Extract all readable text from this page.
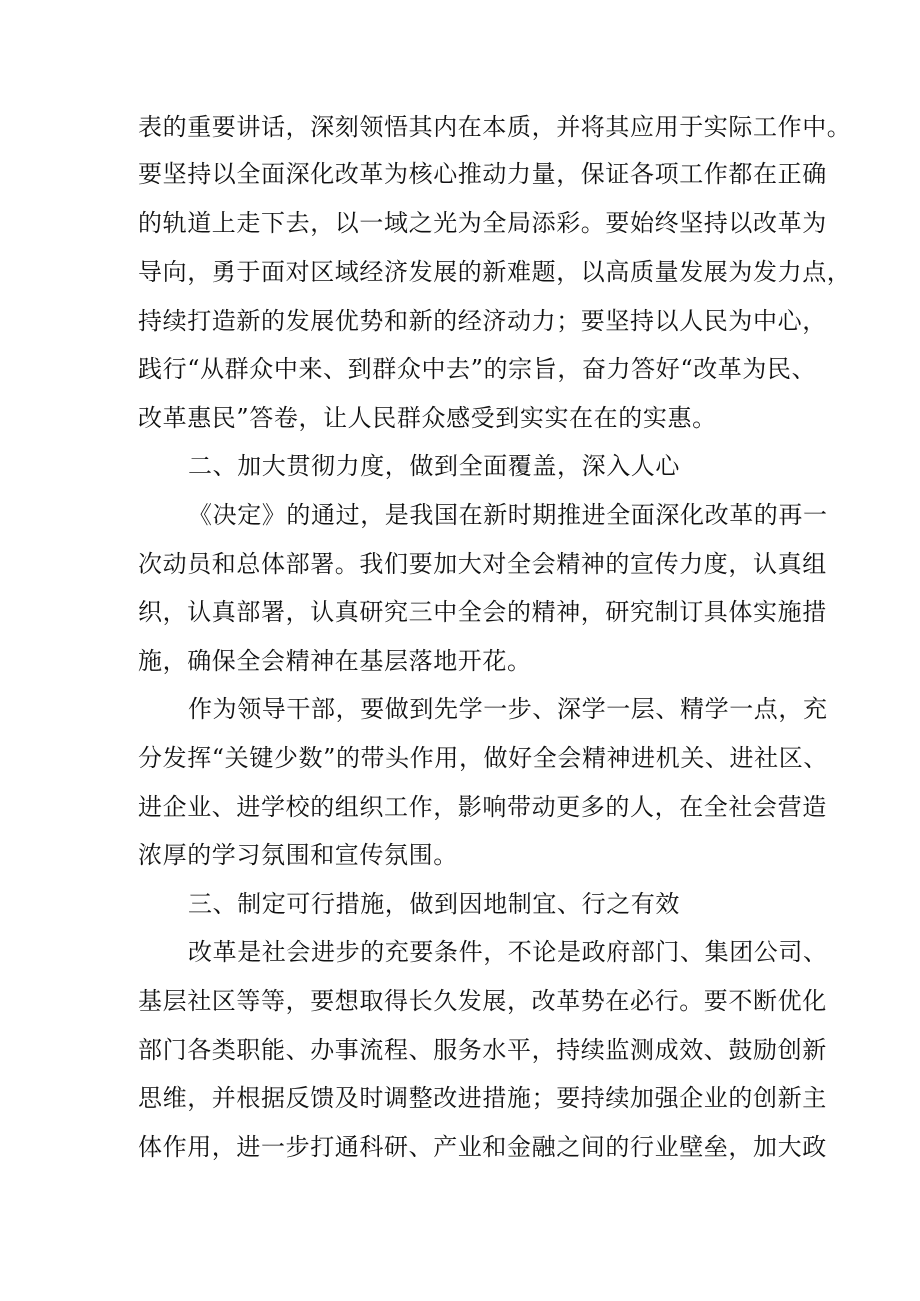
表的重要讲话，深刻领悟其内在本质，并将其应用于实际工作中。
要坚持以全面深化改革为核心推动力量，保证各项工作都在正确
的轨道上走下去，以一域之光为全局添彩。要始终坚持以改革为
导向，勇于面对区域经济发展的新难题，以高质量发展为发力点，
持续打造新的发展优势和新的经济动力；要坚持以人民为中心，
践行“从群众中来、到群众中去”的宗旨，奋力答好“改革为民、
改革惠民”答卷，让人民群众感受到实实在在的实惠。
二、加大贯彻力度，做到全面覆盖，深入人心
《决定》的通过，是我国在新时期推进全面深化改革的再一
次动员和总体部署。我们要加大对全会精神的宣传力度，认真组
织，认真部署，认真研究三中全会的精神，研究制订具体实施措
施，确保全会精神在基层落地开花。
作为领导干部，要做到先学一步、深学一层、精学一点，充
分发挥“关键少数”的带头作用，做好全会精神进机关、进社区、
进企业、进学校的组织工作，影响带动更多的人，在全社会营造
浓厚的学习氛围和宣传氛围。
三、制定可行措施，做到因地制宜、行之有效
改革是社会进步的充要条件，不论是政府部门、集团公司、
基层社区等等，要想取得长久发展，改革势在必行。要不断优化
部门各类职能、办事流程、服务水平，持续监测成效、鼓励创新
思维，并根据反馈及时调整改进措施；要持续加强企业的创新主
体作用，进一步打通科研、产业和金融之间的行业壁垒，加大政
